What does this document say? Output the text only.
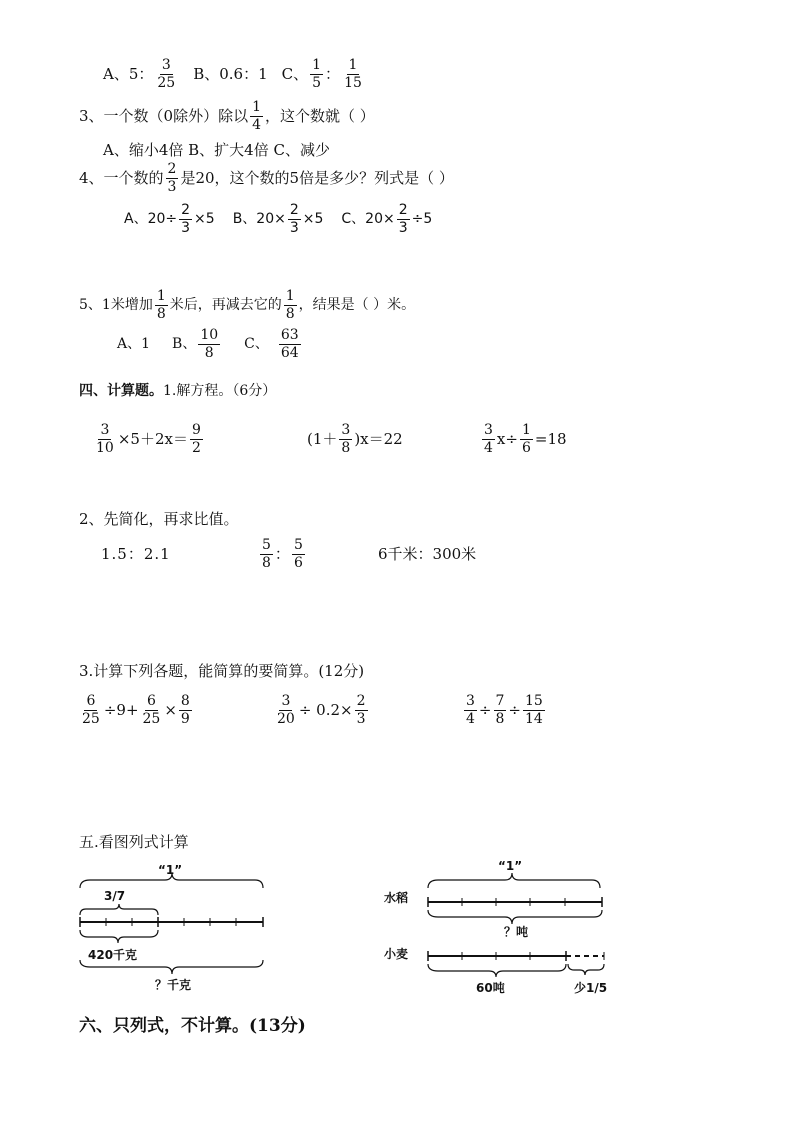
A、5： $\frac{3}{25}$ B、0.6：1 C、 $\frac{1}{5}$ ： $\frac{1}{15}$
3、一个数（0除外）除以 $\frac{1}{4}$ ，这个数就（ ）
A、缩小4倍 B、扩大4倍 C、减少
4、一个数的 $\frac{2}{3}$ 是20，这个数的5倍是多少？列式是（ ）
A、$20\div \frac{2}{3} \times 5$ B、$20\times \frac{2}{3} \times 5$ C、$20\times \frac{2}{3} \div 5$
5、1米增加 $\frac{1}{8}$ 米后，再减去它的 $\frac{1}{8}$ ，结果是（ ）米。
A、1 B、 $\frac{10}{8}$ C、 $\frac{63}{64}$
四、计算题。 1.解方程。（6分）
$\frac{3}{10} \times 5+2x= \frac{9}{2}$	$(1+ \frac{3}{8} )x=22$	$\frac{3}{4} x\div \frac{1}{6} =18$
2、先简化，再求比值。
1.5：2.1	$\frac{5}{8}$ ： $\frac{5}{6}$	6千米：300米
3.计算下列各题，能简算的要简算。(12分)
$\frac{6}{25} \div 9+ \frac{6}{25} \times \frac{8}{9}$	$\frac{3}{20} \div 0.2\times \frac{2}{3}$	$\frac{3}{4} \div \frac{7}{8} \div \frac{15}{14}$
五.看图列式计算
“1”
3/7
420千克
？千克
“1”
水稻
？吨
小麦
60吨	少1/5
六、只列式，不计算。(13分)
